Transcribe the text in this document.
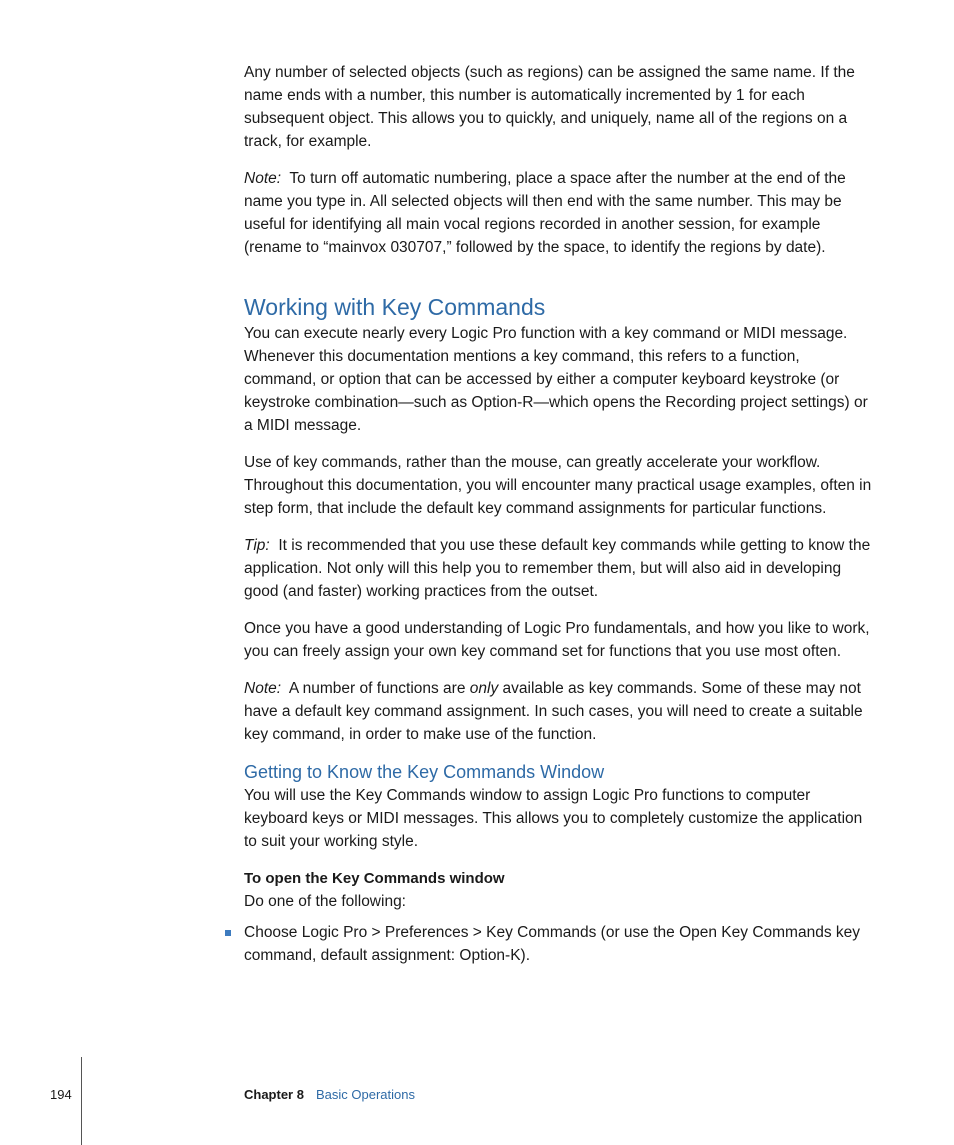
Any number of selected objects (such as regions) can be assigned the same name. If the name ends with a number, this number is automatically incremented by 1 for each subsequent object. This allows you to quickly, and uniquely, name all of the regions on a track, for example.

Note: To turn off automatic numbering, place a space after the number at the end of the name you type in. All selected objects will then end with the same number. This may be useful for identifying all main vocal regions recorded in another session, for example (rename to “mainvox 030707,” followed by the space, to identify the regions by date).

Working with Key Commands

You can execute nearly every Logic Pro function with a key command or MIDI message. Whenever this documentation mentions a key command, this refers to a function, command, or option that can be accessed by either a computer keyboard keystroke (or keystroke combination—such as Option-R—which opens the Recording project settings) or a MIDI message.

Use of key commands, rather than the mouse, can greatly accelerate your workflow. Throughout this documentation, you will encounter many practical usage examples, often in step form, that include the default key command assignments for particular functions.

Tip: It is recommended that you use these default key commands while getting to know the application. Not only will this help you to remember them, but will also aid in developing good (and faster) working practices from the outset.

Once you have a good understanding of Logic Pro fundamentals, and how you like to work, you can freely assign your own key command set for functions that you use most often.

Note: A number of functions are only available as key commands. Some of these may not have a default key command assignment. In such cases, you will need to create a suitable key command, in order to make use of the function.

Getting to Know the Key Commands Window

You will use the Key Commands window to assign Logic Pro functions to computer keyboard keys or MIDI messages. This allows you to completely customize the application to suit your working style.

To open the Key Commands window

Do one of the following:

Choose Logic Pro > Preferences > Key Commands (or use the Open Key Commands key command, default assignment: Option-K).

194	Chapter 8 Basic Operations
